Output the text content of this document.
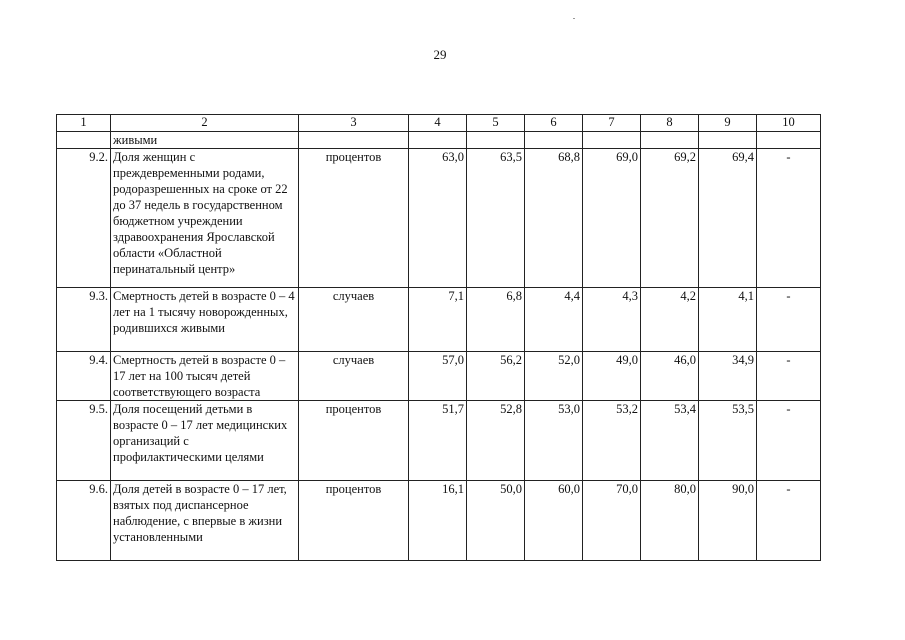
29
1	2	3	4	5	6	7	8	9	10
	живыми								
9.2.	Доля женщин с преждевременными родами, родоразрешенных на сроке от 22 до 37 недель в государственном бюджетном учреждении здравоохранения Ярославской области «Областной перинатальный центр»	процентов	63,0	63,5	68,8	69,0	69,2	69,4	-
9.3.	Смертность детей в возрасте 0 – 4 лет на 1 тысячу новорожденных, родившихся живыми	случаев	7,1	6,8	4,4	4,3	4,2	4,1	-
9.4.	Смертность детей в возрасте 0 – 17 лет на 100 тысяч детей соответствующего возраста	случаев	57,0	56,2	52,0	49,0	46,0	34,9	-
9.5.	Доля посещений детьми в возрасте 0 – 17 лет медицинских организаций с профилактическими целями	процентов	51,7	52,8	53,0	53,2	53,4	53,5	-
9.6.	Доля детей в возрасте 0 – 17 лет, взятых под диспансерное наблюдение, с впервые в жизни установленными	процентов	16,1	50,0	60,0	70,0	80,0	90,0	-
